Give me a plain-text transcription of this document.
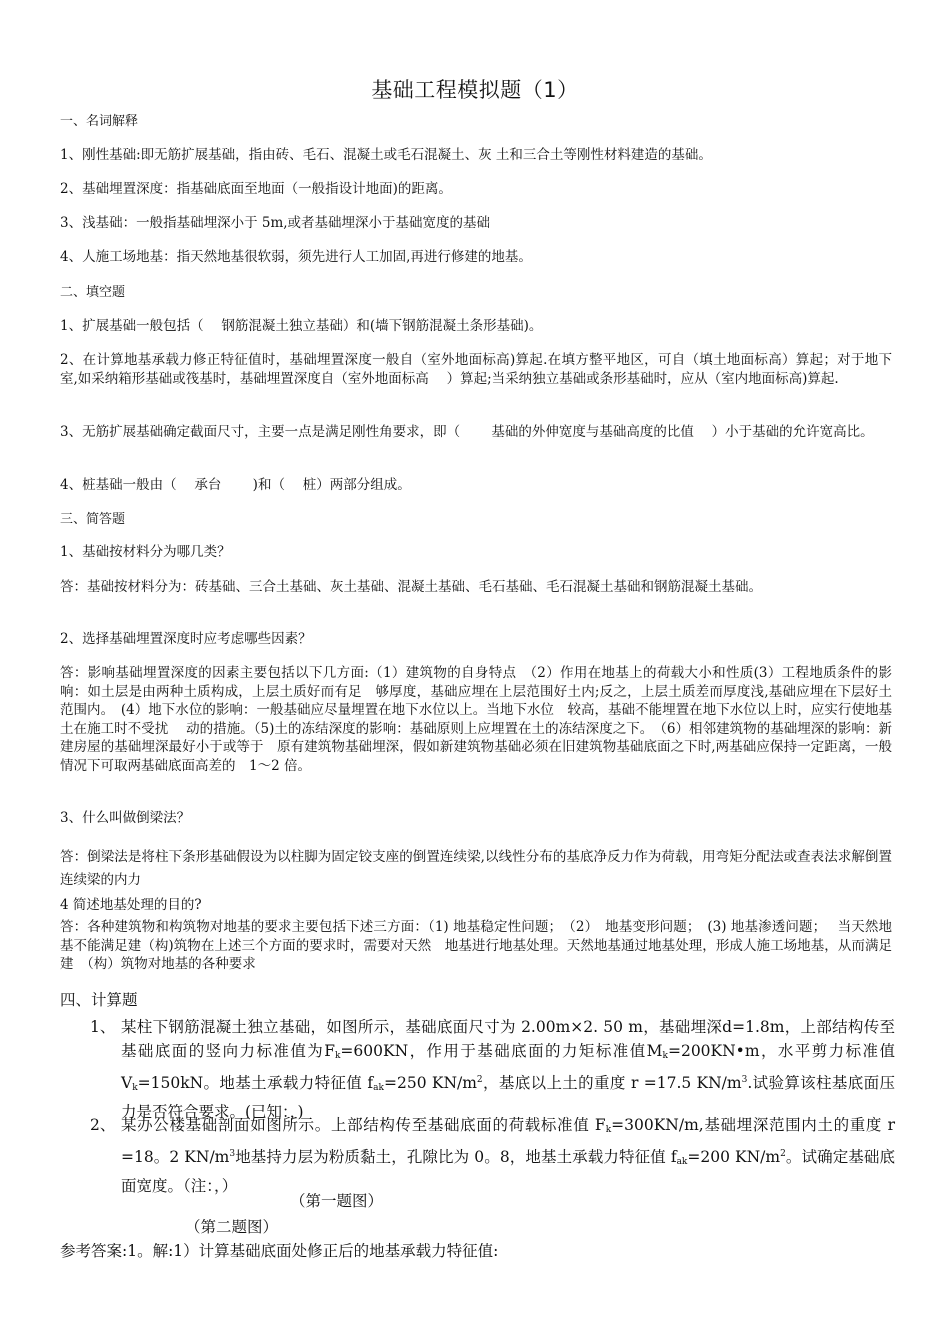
基础工程模拟题（1）
一、名词解释
1、刚性基础:即无筋扩展基础，指由砖、毛石、混凝土或毛石混凝土、灰 土和三合土等刚性材料建造的基础。
2、基础埋置深度：指基础底面至地面（一般指设计地面)的距离。
3、浅基础：一般指基础埋深小于 5m,或者基础埋深小于基础宽度的基础
4、人施工场地基：指天然地基很软弱，须先进行人工加固,再进行修建的地基。
二、填空题
1、扩展基础一般包括（　 钢筋混凝土独立基础）和(墙下钢筋混凝土条形基础)。
2、在计算地基承载力修正特征值时，基础埋置深度一般自（室外地面标高)算起.在填方整平地区，可自（填土地面标高）算起；对于地下室,如采纳箱形基础或筏基时，基础埋置深度自（室外地面标高　 ）算起;当采纳独立基础或条形基础时，应从（室内地面标高)算起.
3、无筋扩展基础确定截面尺寸，主要一点是满足刚性角要求，即（　　 基础的外伸宽度与基础高度的比值　 ）小于基础的允许宽高比。
4、桩基础一般由（　 承台　　 )和（　 桩）两部分组成。
三、简答题
1、基础按材料分为哪几类？
答：基础按材料分为：砖基础、三合土基础、灰土基础、混凝土基础、毛石基础、毛石混凝土基础和钢筋混凝土基础。
2、选择基础埋置深度时应考虑哪些因素？
答：影响基础埋置深度的因素主要包括以下几方面:（1）建筑物的自身特点　（2）作用在地基上的荷载大小和性质(3）工程地质条件的影响：如土层是由两种土质构成，上层土质好而有足　够厚度，基础应埋在上层范围好土内;反之，上层土质差而厚度浅,基础应埋在下层好土范围内。　(4）地下水位的影响：一般基础应尽量埋置在地下水位以上。当地下水位　较高，基础不能埋置在地下水位以上时，应实行使地基土在施工时不受扰　 动的措施。（5)土的冻结深度的影响：基础原则上应埋置在土的冻结深度之下。　（6）相邻建筑物的基础埋深的影响：新建房屋的基础埋深最好小于或等于　原有建筑物基础埋深，假如新建筑物基础必须在旧建筑物基础底面之下时,两基础应保持一定距离，一般情况下可取两基础底面高差的　1～2 倍。
3、什么叫做倒梁法？
答：倒梁法是将柱下条形基础假设为以柱脚为固定铰支座的倒置连续梁,以线性分布的基底净反力作为荷载，用弯矩分配法或查表法求解倒置连续梁的内力
4 简述地基处理的目的?
答：各种建筑物和构筑物对地基的要求主要包括下述三方面：（1) 地基稳定性问题；　（2）　地基变形问题；　(3) 地基渗透问题；　 当天然地基不能满足建（构)筑物在上述三个方面的要求时，需要对天然　地基进行地基处理。天然地基通过地基处理，形成人施工场地基，从而满足建　（构）筑物对地基的各种要求
四、计算题
1、 某柱下钢筋混凝土独立基础，如图所示，基础底面尺寸为 2.00m×2. 50 m，基础埋深d=1.8m，上部结构传至基础底面的竖向力标准值为$F_k=600KN$，作用于基础底面的力矩标准值$M_k=200KN•m$，水平剪力标准值 $V_k=150kN$。地基土承载力特征值 $f_{ak}=250$ $KN/m^2$，基底以上土的重度 r =17.5 $KN/m^3$.试验算该柱基底面压力是否符合要求。(已知：，)
2、 某办公楼基础剖面如图所示。上部结构传至基础底面的荷载标准值 $F_k=300KN/m$,基础埋深范围内土的重度 r =18。2 $KN/m^3$地基持力层为粉质黏土，孔隙比为 0。8，地基土承载力特征值 $f_{ak}=200$ $KN/m^2$。试确定基础底面宽度。（注：，）
（第一题图）
（第二题图）
参考答案:1。解:1）计算基础底面处修正后的地基承载力特征值:
